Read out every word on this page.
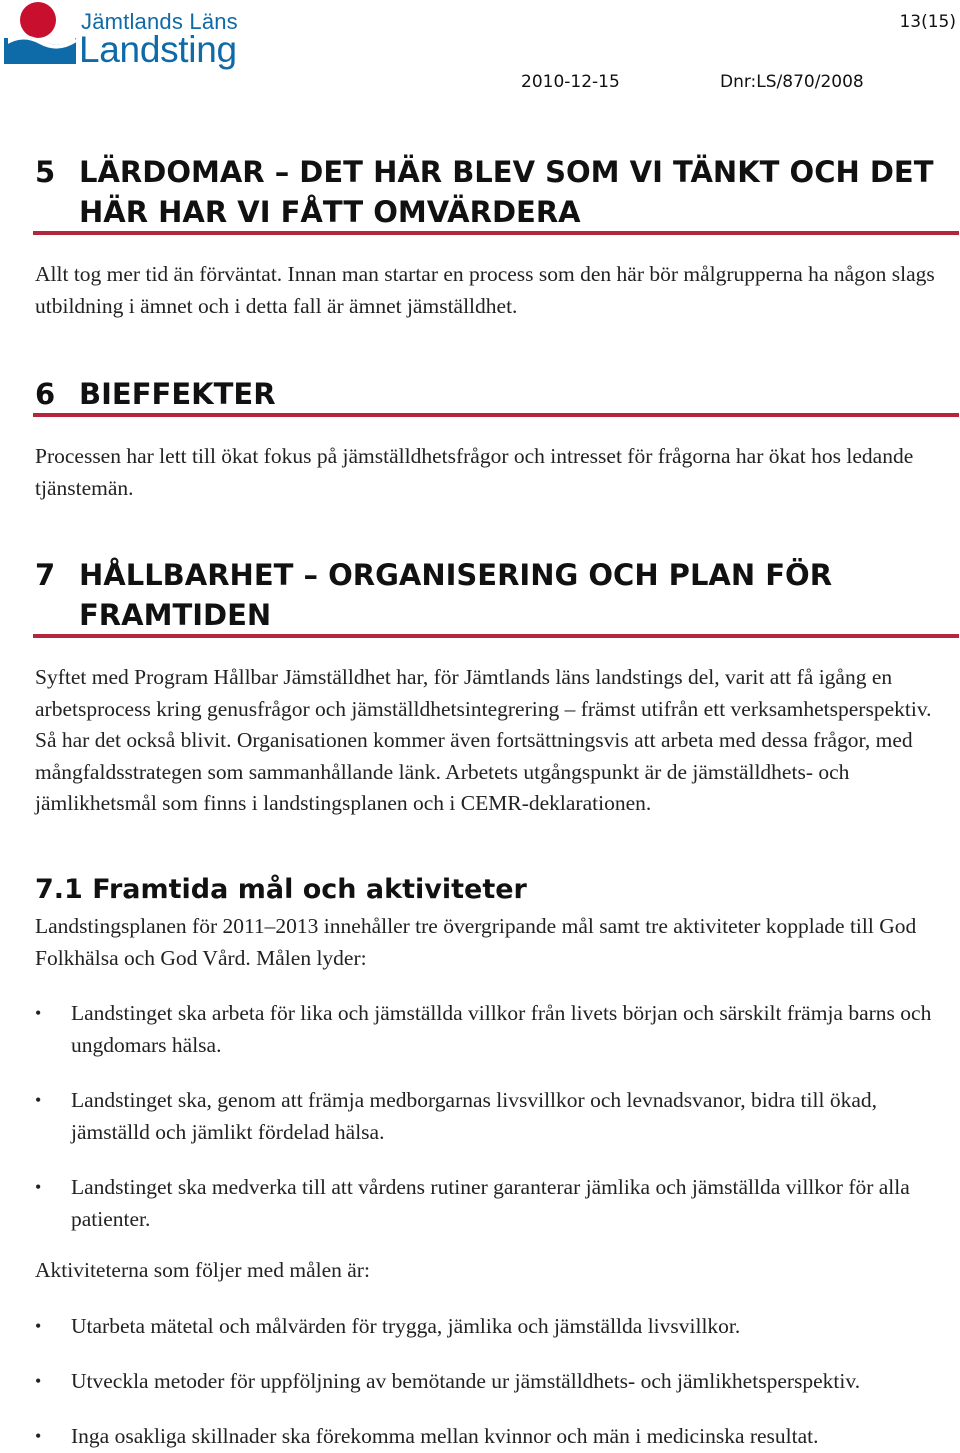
Jämtlands Läns
Landsting
13(15)
2010-12-15	Dnr:LS/870/2008
5 LÄRDOMAR – DET HÄR BLEV SOM VI TÄNKT OCH DET
HÄR HAR VI FÅTT OMVÄRDERA
Allt tog mer tid än förväntat. Innan man startar en process som den här bör målgrupperna ha någon slags utbildning i ämnet och i detta fall är ämnet jämställdhet.
6 BIEFFEKTER
Processen har lett till ökat fokus på jämställdhetsfrågor och intresset för frågorna har ökat hos ledande tjänstemän.
7 HÅLLBARHET – ORGANISERING OCH PLAN FÖR
FRAMTIDEN
Syftet med Program Hållbar Jämställdhet har, för Jämtlands läns landstings del, varit att få igång en arbetsprocess kring genusfrågor och jämställdhetsintegrering – främst utifrån ett verksamhetsperspektiv. Så har det också blivit. Organisationen kommer även fortsättningsvis att arbeta med dessa frågor, med mångfaldsstrategen som sammanhållande länk. Arbetets utgångspunkt är de jämställdhets- och jämlikhetsmål som finns i landstingsplanen och i CEMR-deklarationen.
7.1 Framtida mål och aktiviteter
Landstingsplanen för 2011–2013 innehåller tre övergripande mål samt tre aktiviteter kopplade till God Folkhälsa och God Vård. Målen lyder:
•	Landstinget ska arbeta för lika och jämställda villkor från livets början och särskilt främja barns och ungdomars hälsa.
•	Landstinget ska, genom att främja medborgarnas livsvillkor och levnadsvanor, bidra till ökad, jämställd och jämlikt fördelad hälsa.
•	Landstinget ska medverka till att vårdens rutiner garanterar jämlika och jämställda villkor för alla patienter.
Aktiviteterna som följer med målen är:
•	Utarbeta mätetal och målvärden för trygga, jämlika och jämställda livsvillkor.
•	Utveckla metoder för uppföljning av bemötande ur jämställdhets- och jämlikhetsperspektiv.
•	Inga osakliga skillnader ska förekomma mellan kvinnor och män i medicinska resultat.
